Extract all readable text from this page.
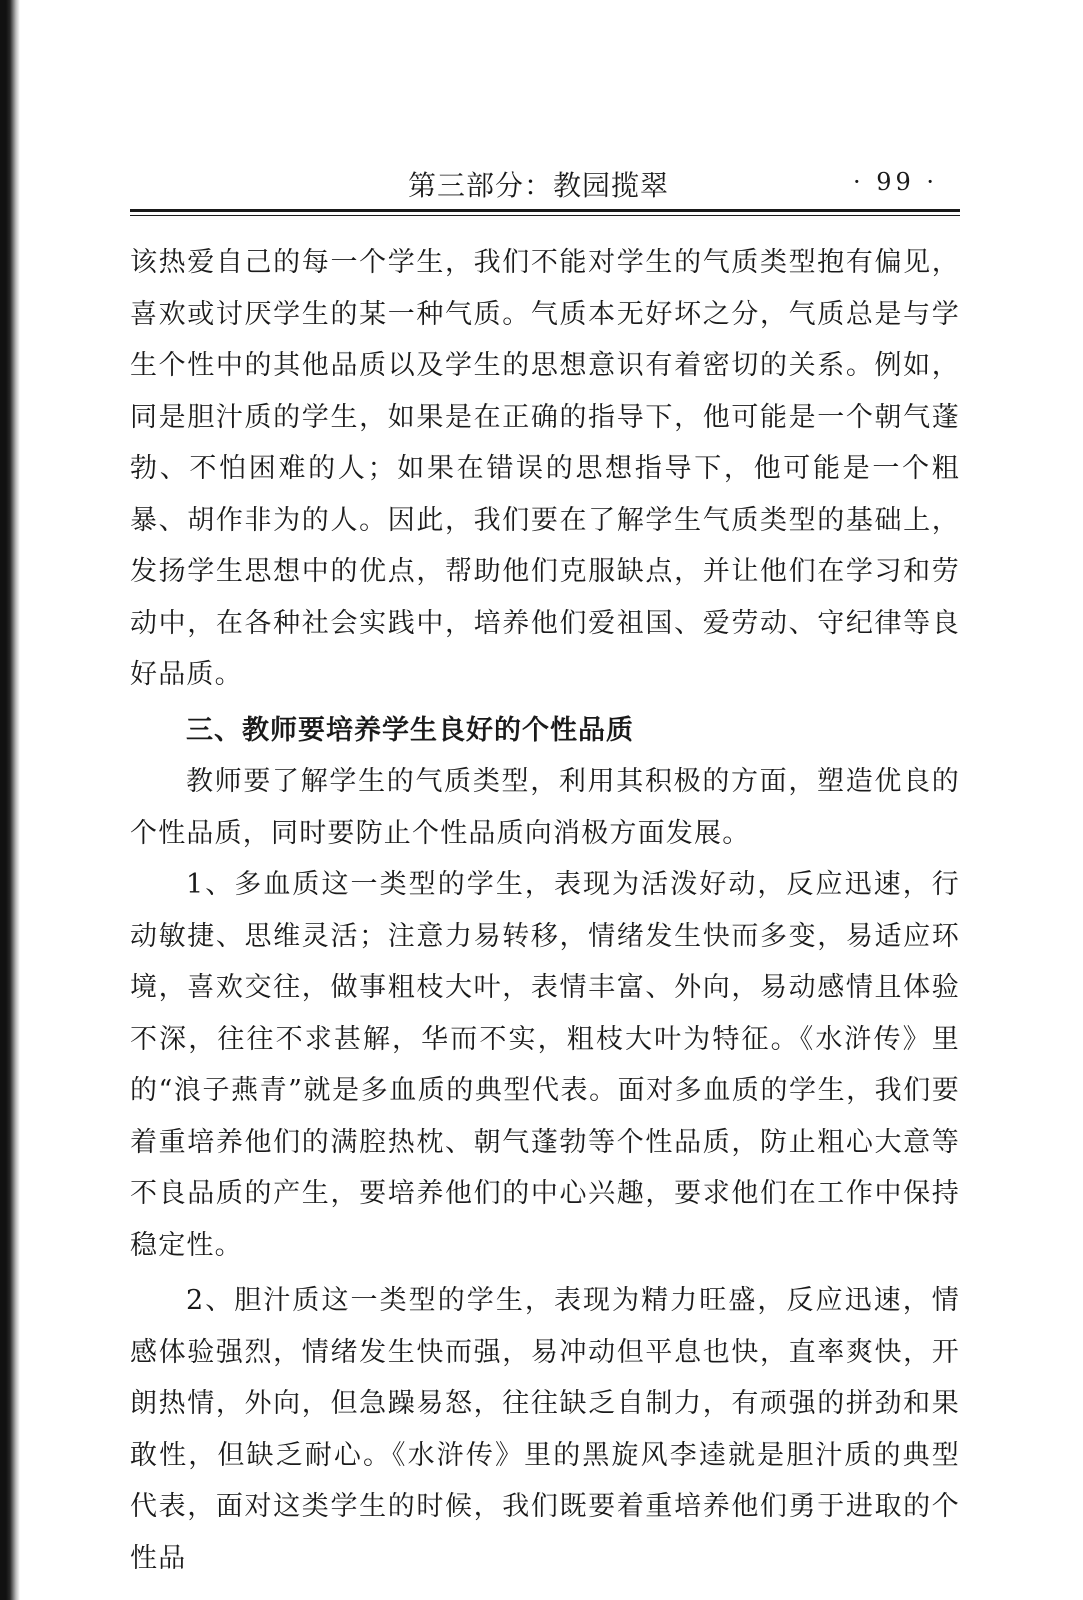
第三部分：教园揽翠	· 99 ·

该热爱自己的每一个学生，我们不能对学生的气质类型抱有偏见，喜欢或讨厌学生的某一种气质。气质本无好坏之分，气质总是与学生个性中的其他品质以及学生的思想意识有着密切的关系。例如，同是胆汁质的学生，如果是在正确的指导下，他可能是一个朝气蓬勃、不怕困难的人；如果在错误的思想指导下，他可能是一个粗暴、胡作非为的人。因此，我们要在了解学生气质类型的基础上，发扬学生思想中的优点，帮助他们克服缺点，并让他们在学习和劳动中，在各种社会实践中，培养他们爱祖国、爱劳动、守纪律等良好品质。

三、教师要培养学生良好的个性品质

教师要了解学生的气质类型，利用其积极的方面，塑造优良的个性品质，同时要防止个性品质向消极方面发展。

1、多血质这一类型的学生，表现为活泼好动，反应迅速，行动敏捷、思维灵活；注意力易转移，情绪发生快而多变，易适应环境，喜欢交往，做事粗枝大叶，表情丰富、外向，易动感情且体验不深，往往不求甚解，华而不实，粗枝大叶为特征。《水浒传》里的“浪子燕青”就是多血质的典型代表。面对多血质的学生，我们要着重培养他们的满腔热枕、朝气蓬勃等个性品质，防止粗心大意等不良品质的产生，要培养他们的中心兴趣，要求他们在工作中保持稳定性。

2、胆汁质这一类型的学生，表现为精力旺盛，反应迅速，情感体验强烈，情绪发生快而强，易冲动但平息也快，直率爽快，开朗热情，外向，但急躁易怒，往往缺乏自制力，有顽强的拼劲和果敢性，但缺乏耐心。《水浒传》里的黑旋风李逵就是胆汁质的典型代表，面对这类学生的时候，我们既要着重培养他们勇于进取的个性品
